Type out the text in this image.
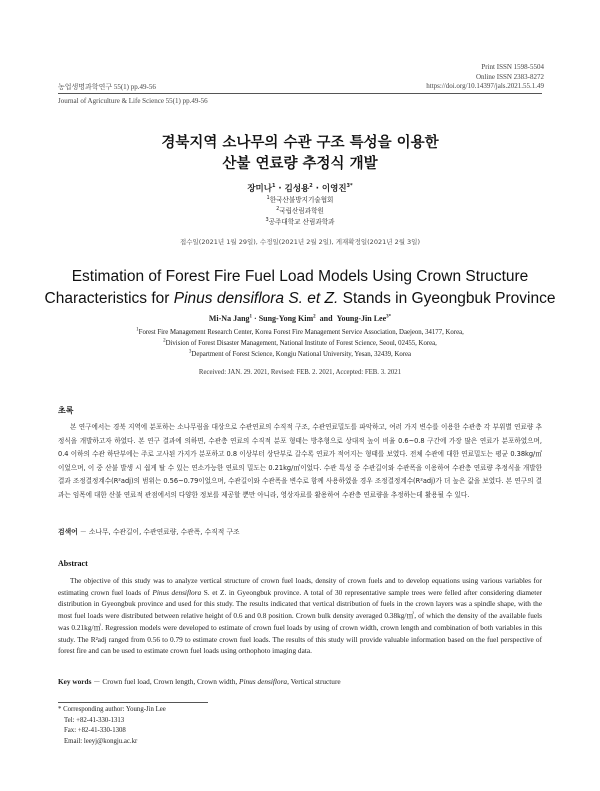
Print ISSN 1598-5504
Online ISSN 2383-8272
농업생명과학연구 55(1) pp.49-56	https://doi.org/10.14397/jals.2021.55.1.49
Journal of Agriculture & Life Science 55(1) pp.49-56
경북지역 소나무의 수관 구조 특성을 이용한
산불 연료량 추정식 개발
장미나$^1$ · 김성용$^2$ · 이영진$^{3*}$
$^1$한국산불방지기술협회
$^2$국립산림과학원
$^3$공주대학교 산림과학과
접수일(2021년 1월 29일), 수정일(2021년 2월 2일), 게재확정일(2021년 2월 3일)
Estimation of Forest Fire Fuel Load Models Using Crown Structure
Characteristics for Pinus densiflora S. et Z. Stands in Gyeongbuk Province
Mi-Na Jang$^1$ · Sung-Yong Kim$^2$ and Young-Jin Lee$^{3*}$
$^1$Forest Fire Management Research Center, Korea Forest Fire Management Service Association, Daejeon, 34177, Korea,
$^2$Division of Forest Disaster Management, National Institute of Forest Science, Seoul, 02455, Korea,
$^3$Department of Forest Science, Kongju National University, Yesan, 32439, Korea
Received: JAN. 29. 2021, Revised: FEB. 2. 2021, Accepted: FEB. 3. 2021
초록

본 연구에서는 경북 지역에 분포하는 소나무림을 대상으로 수관연료의 수직적 구조, 수관연료밀도를 파악하고, 여러 가지 변수를 이용한 수관층 각 부위별 연료량 추정식을 개발하고자 하였다. 본 연구 결과에 의하면, 수관층 연료의 수직적 분포 형태는 방추형으로 상대적 높이 비율 0.6~0.8 구간에 가장 많은 연료가 분포하였으며, 0.4 이하의 수관 하단부에는 주로 고사된 가지가 분포하고 0.8 이상부터 상단부로 갈수록 연료가 적어지는 형태를 보였다. 전체 수관에 대한 연료밀도는 평균 0.38kg/㎥이었으며, 이 중 산불 발생 시 쉽게 탈 수 있는 연소가능한 연료의 밀도는 0.21kg/㎥이었다. 수관 특성 중 수관길이와 수관폭을 이용하여 수관층 연료량 추정식을 개발한 결과 조정결정계수(R²adj)의 범위는 0.56~0.79이었으며, 수관길이와 수관폭을 변수로 함께 사용하였을 경우 조정결정계수(R²adj)가 더 높은 값을 보였다. 본 연구의 결과는 임목에 대한 산불 연료적 관점에서의 다양한 정보를 제공할 뿐만 아니라, 영상자료를 활용하여 수관층 연료량을 추정하는데 활용될 수 있다.

검색어 － 소나무, 수관길이, 수관연료량, 수관폭, 수직적 구조
Abstract

The objective of this study was to analyze vertical structure of crown fuel loads, density of crown fuels and to develop equations using various variables for estimating crown fuel loads of Pinus densiflora S. et Z. in Gyeongbuk province. A total of 30 representative sample trees were felled after considering diameter distribution in Gyeongbuk province and used for this study. The results indicated that vertical distribution of fuels in the crown layers was a spindle shape, with the most fuel loads were distributed between relative height of 0.6 and 0.8 position. Crown bulk density averaged 0.38kg/㎥, of which the density of the available fuels was 0.21kg/㎥. Regression models were developed to estimate of crown fuel loads by using of crown width, crown length and combination of both variables in this study. The R²adj ranged from 0.56 to 0.79 to estimate crown fuel loads. The results of this study will provide valuable information based on the fuel perspective of forest fire and can be used to estimate crown fuel loads using orthophoto imaging data.

Key words － Crown fuel load, Crown length, Crown width, Pinus densiflora, Vertical structure
* Corresponding author: Young-Jin Lee
Tel: +82-41-330-1313
Fax: +82-41-330-1308
Email: leeyj@kongju.ac.kr
